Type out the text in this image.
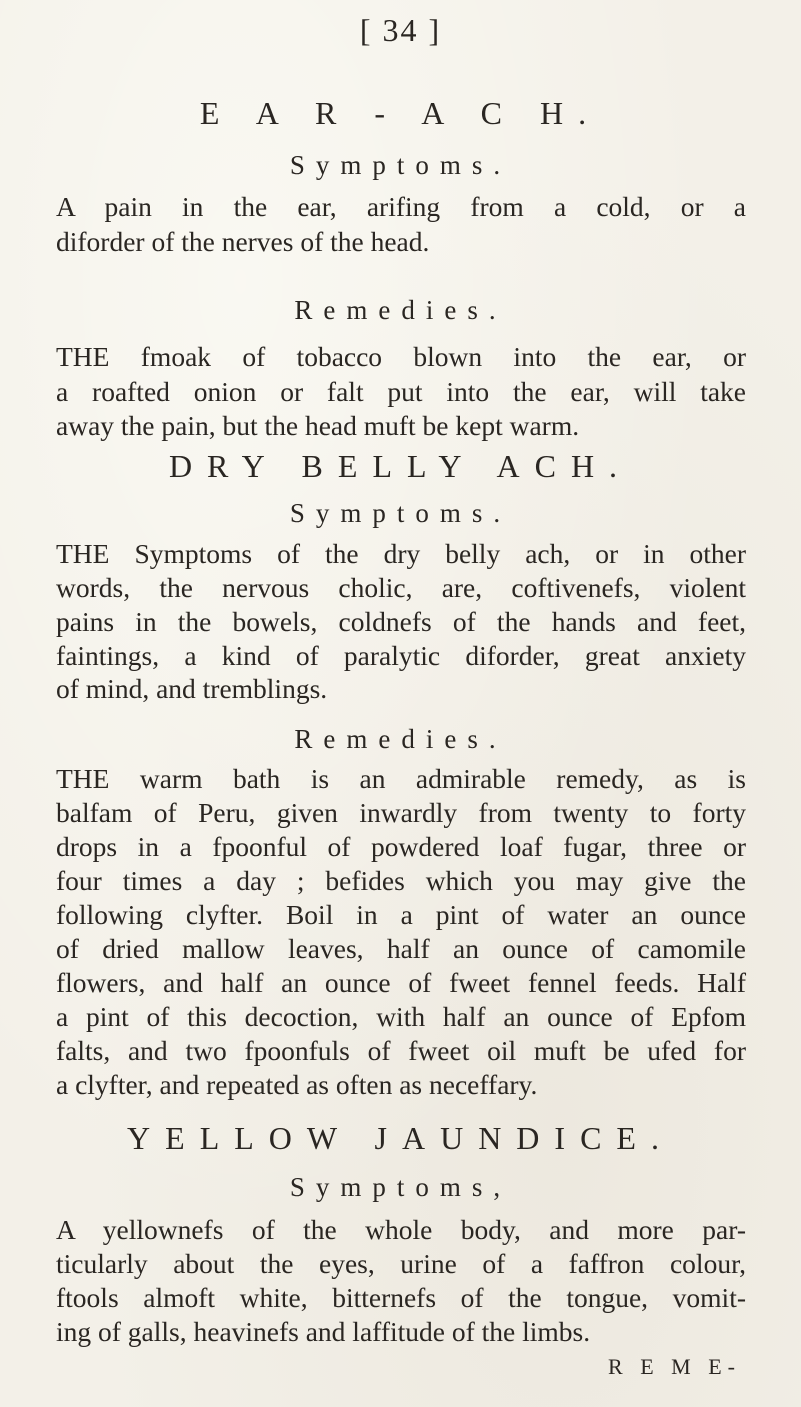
[ 34 ]

E A R - A C H.

Symptoms.

A pain in the ear, arifing from a cold, or a

diforder of the nerves of the head.

Remedies.

THE fmoak of tobacco blown into the ear, or

a roafted onion or falt put into the ear, will take

away the pain, but the head muft be kept warm.

DRY BELLY ACH.

Symptoms.

THE Symptoms of the dry belly ach, or in other

words, the nervous cholic, are, coftivenefs, violent

pains in the bowels, coldnefs of the hands and feet,

faintings, a kind of paralytic diforder, great anxiety

of mind, and tremblings.

Remedies.

THE warm bath is an admirable remedy, as is

balfam of Peru, given inwardly from twenty to forty

drops in a fpoonful of powdered loaf fugar, three or

four times a day ; befides which you may give the

following clyfter. Boil in a pint of water an ounce

of dried mallow leaves, half an ounce of camomile

flowers, and half an ounce of fweet fennel feeds. Half

a pint of this decoction, with half an ounce of Epfom

falts, and two fpoonfuls of fweet oil muft be ufed for

a clyfter, and repeated as often as neceffary.

YELLOW JAUNDICE.

Symptoms,

A yellownefs of the whole body, and more par-

ticularly about the eyes, urine of a faffron colour,

ftools almoft white, bitternefs of the tongue, vomit-

ing of galls, heavinefs and laffitude of the limbs.

R E M E-
